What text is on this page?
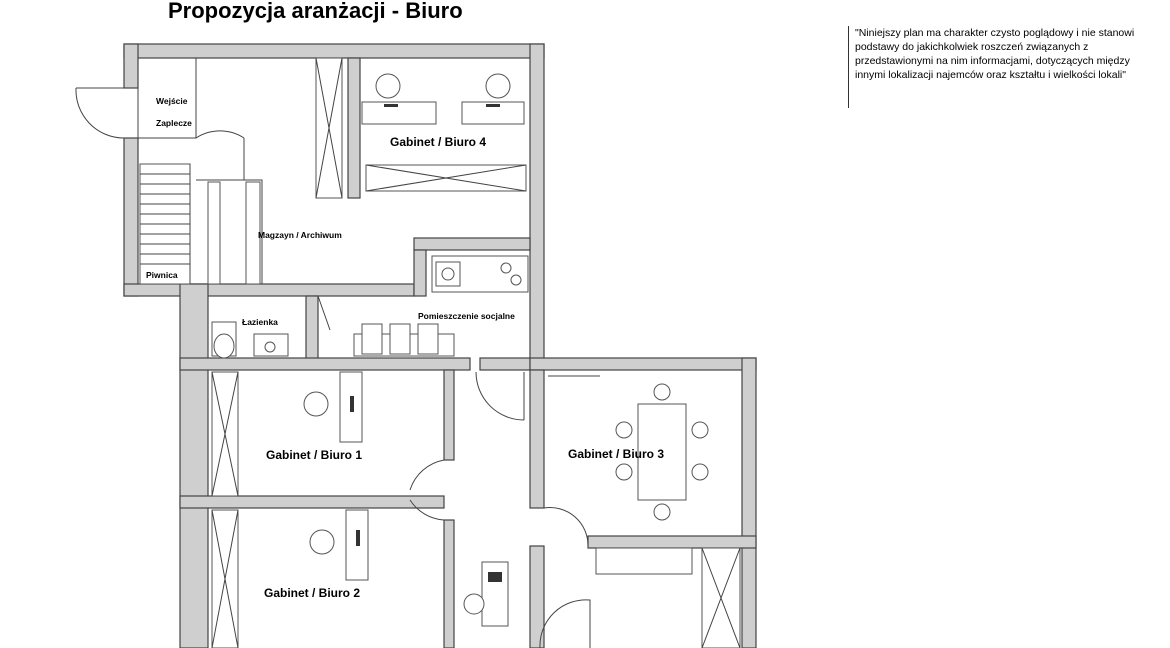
Propozycja aranżacji - Biuro
Wejście
Zaplecze
Piwnica
Magzayn / Archiwum
Gabinet / Biuro 4
Łazienka
Pomieszczenie socjalne
Gabinet / Biuro 1
Gabinet / Biuro 2
Gabinet / Biuro 3
"Niniejszy plan ma charakter czysto poglądowy i nie stanowi podstawy do jakichkolwiek roszczeń związanych z przedstawionymi na nim informacjami, dotyczących między innymi lokalizacji najemców oraz kształtu i wielkości lokali"
